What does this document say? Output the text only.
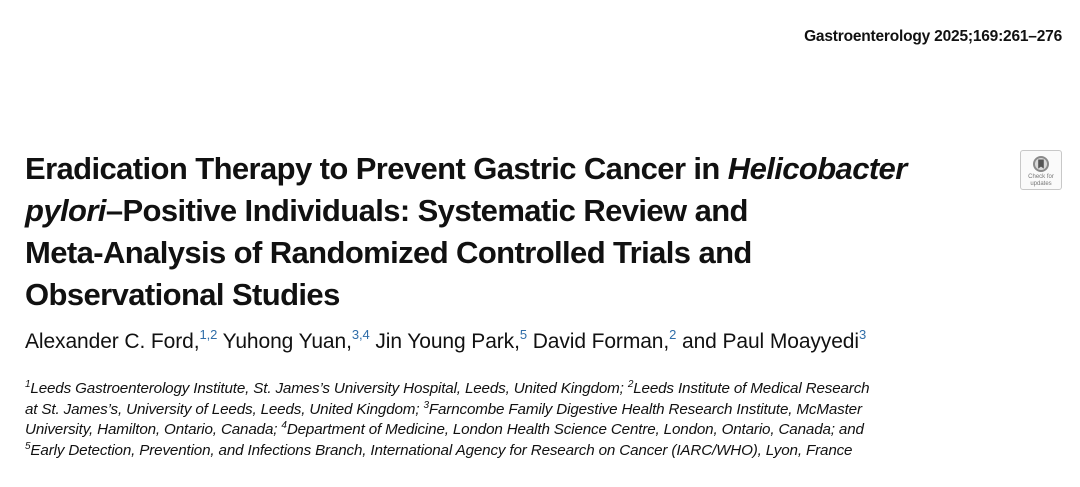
Gastroenterology 2025;169:261–276
Eradication Therapy to Prevent Gastric Cancer in Helicobacter
pylori–Positive Individuals: Systematic Review and
Meta-Analysis of Randomized Controlled Trials and
Observational Studies
Check for
updates
Alexander C. Ford,$^{1,2}$ Yuhong Yuan,$^{3,4}$ Jin Young Park,$^5$ David Forman,$^2$ and Paul Moayyedi$^3$
$^1$Leeds Gastroenterology Institute, St. James’s University Hospital, Leeds, United Kingdom; $^2$Leeds Institute of Medical Research
at St. James’s, University of Leeds, Leeds, United Kingdom; $^3$Farncombe Family Digestive Health Research Institute, McMaster
University, Hamilton, Ontario, Canada; $^4$Department of Medicine, London Health Science Centre, London, Ontario, Canada; and
$^5$Early Detection, Prevention, and Infections Branch, International Agency for Research on Cancer (IARC/WHO), Lyon, France
